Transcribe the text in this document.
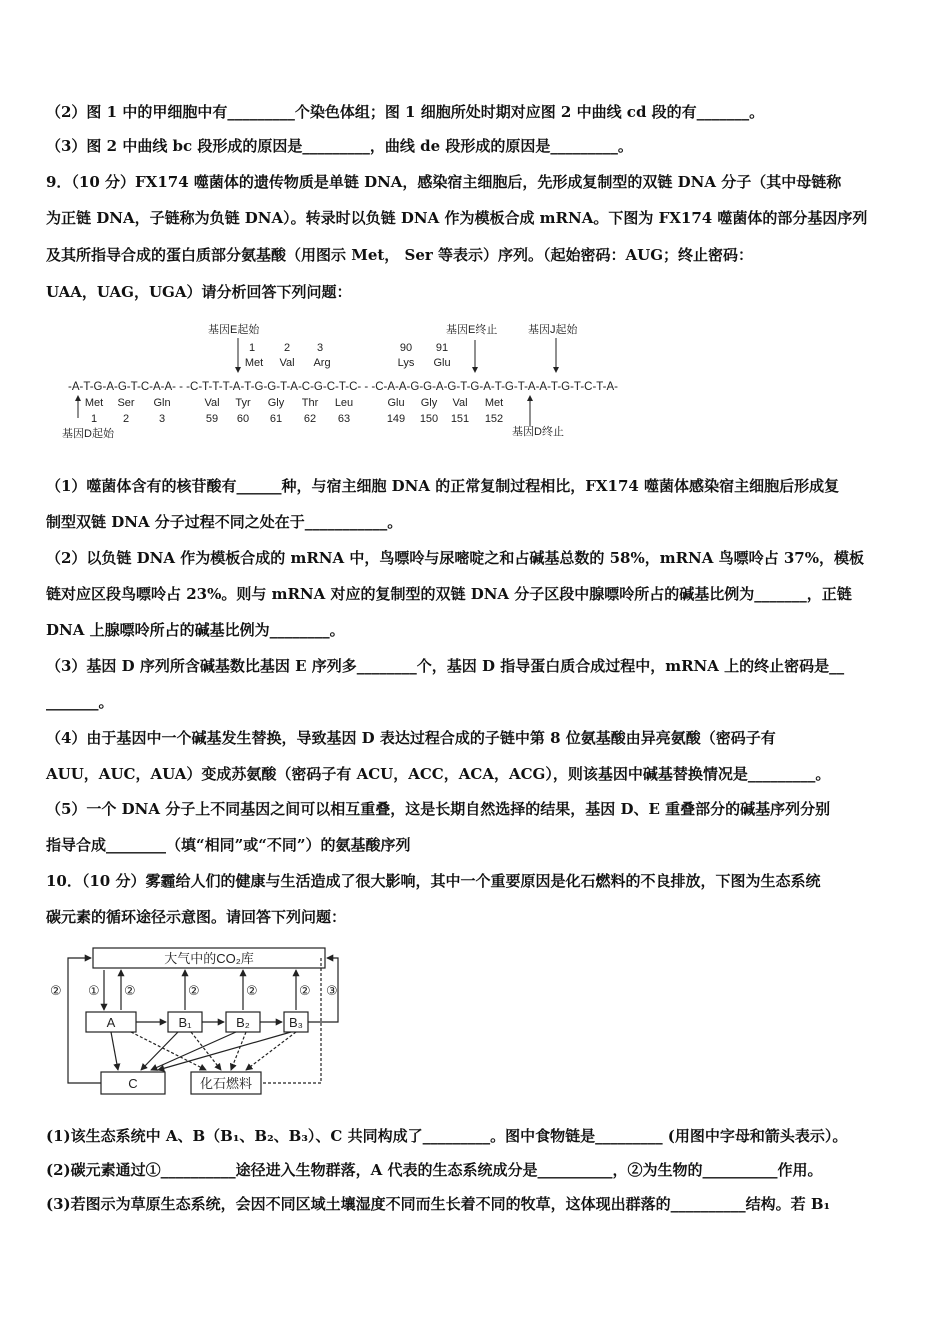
（2）图 1 中的甲细胞中有_________个染色体组；图 1 细胞所处时期对应图 2 中曲线 cd 段的有_______。
（3）图 2 中曲线 bc 段形成的原因是_________，曲线 de 段形成的原因是_________。
9．（10 分）FX174 噬菌体的遗传物质是单链 DNA，感染宿主细胞后，先形成复制型的双链 DNA 分子（其中母链称
为正链 DNA，子链称为负链 DNA）。转录时以负链 DNA 作为模板合成 mRNA。下图为 FX174 噬菌体的部分基因序列
及其所指导合成的蛋白质部分氨基酸（用图示 Met， Ser 等表示）序列。（起始密码：AUG；终止密码：
UAA，UAG，UGA）请分析回答下列问题：
基因E起始	基因E终止	基因J起始
1	2 3	90 91
Met Val Arg	Lys Glu
-A-T-G-A-G-T-C-A-A- - -C-T-T-T-A-T-G-G-T-A-C-G-C-T-C- - -C-A-A-G-G-A-G-T-G-A-T-G-T-A-A-T-G-T-C-T-A-
Met Ser Gln	Val Tyr Gly Thr Leu	Glu Gly Val Met
1 2	3	59 60 61 62 63	149 150 151 152
基因D起始	基因D终止
（1）噬菌体含有的核苷酸有______种，与宿主细胞 DNA 的正常复制过程相比，FX174 噬菌体感染宿主细胞后形成复
制型双链 DNA 分子过程不同之处在于___________。
（2）以负链 DNA 作为模板合成的 mRNA 中，鸟嘌呤与尿嘧啶之和占碱基总数的 58%，mRNA 鸟嘌呤占 37%，模板
链对应区段鸟嘌呤占 23%。则与 mRNA 对应的复制型的双链 DNA 分子区段中腺嘌呤所占的碱基比例为_______，正链
DNA 上腺嘌呤所占的碱基比例为________。
（3）基因 D 序列所含碱基数比基因 E 序列多________个，基因 D 指导蛋白质合成过程中，mRNA 上的终止密码是__
_______。
（4）由于基因中一个碱基发生替换，导致基因 D 表达过程合成的子链中第 8 位氨基酸由异亮氨酸（密码子有
AUU，AUC，AUA）变成苏氨酸（密码子有 ACU，ACC，ACA，ACG），则该基因中碱基替换情况是_________。
（5）一个 DNA 分子上不同基因之间可以相互重叠，这是长期自然选择的结果，基因 D、E 重叠部分的碱基序列分别
指导合成________（填“相同”或“不同”）的氨基酸序列
10．（10 分）雾霾给人们的健康与生活造成了很大影响，其中一个重要原因是化石燃料的不良排放，下图为生态系统
碳元素的循环途径示意图。请回答下列问题：
大气中的CO₂库
A	B₁	B₂	B₃
C	化石燃料
② ① ②	②	②	② ③
(1)该生态系统中 A、B（B₁、B₂、B₃）、C 共同构成了_________。图中食物链是_________ (用图中字母和箭头表示）。
(2)碳元素通过①__________途径进入生物群落，A 代表的生态系统成分是__________，②为生物的__________作用。
(3)若图示为草原生态系统，会因不同区域土壤湿度不同而生长着不同的牧草，这体现出群落的__________结构。若 B₁
